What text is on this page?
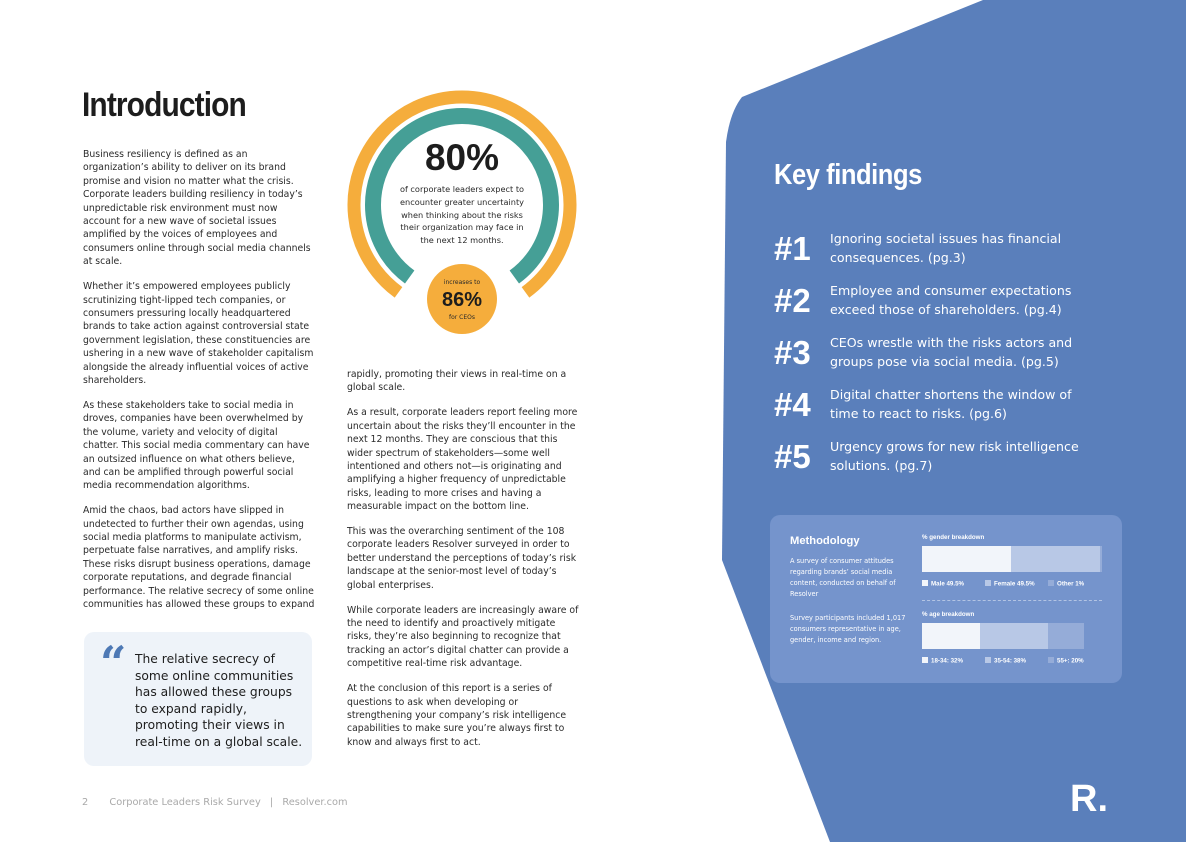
Introduction

Business resiliency is defined as an organization’s ability to deliver on its brand promise and vision no matter what the crisis. Corporate leaders building resiliency in today’s unpredictable risk environment must now account for a new wave of societal issues amplified by the voices of employees and consumers online through social media channels at scale.

Whether it’s empowered employees publicly scrutinizing tight-lipped tech companies, or consumers pressuring locally headquartered brands to take action against controversial state government legislation, these constituencies are ushering in a new wave of stakeholder capitalism alongside the already influential voices of active shareholders.

As these stakeholders take to social media in droves, companies have been overwhelmed by the volume, variety and velocity of digital chatter. This social media commentary can have an outsized influence on what others believe, and can be amplified through powerful social media recommendation algorithms.

Amid the chaos, bad actors have slipped in undetected to further their own agendas, using social media platforms to manipulate activism, perpetuate false narratives, and amplify risks. These risks disrupt business operations, damage corporate reputations, and degrade financial performance. The relative secrecy of some online communities has allowed these groups to expand

“ The relative secrecy of some online communities has allowed these groups to expand rapidly, promoting their views in real-time on a global scale.
80%
of corporate leaders expect to encounter greater uncertainty when thinking about the risks their organization may face in the next 12 months.
increases to
86%
for CEOs

rapidly, promoting their views in real-time on a global scale.

As a result, corporate leaders report feeling more uncertain about the risks they’ll encounter in the next 12 months. They are conscious that this wider spectrum of stakeholders—some well intentioned and others not—is originating and amplifying a higher frequency of unpredictable risks, leading to more crises and having a measurable impact on the bottom line.

This was the overarching sentiment of the 108 corporate leaders Resolver surveyed in order to better understand the perceptions of today’s risk landscape at the senior-most level of today’s global enterprises.

While corporate leaders are increasingly aware of the need to identify and proactively mitigate risks, they’re also beginning to recognize that tracking an actor’s digital chatter can provide a competitive real-time risk advantage.

At the conclusion of this report is a series of questions to ask when developing or strengthening your company’s risk intelligence capabilities to make sure you’re always first to know and always first to act.

Key findings
#1 Ignoring societal issues has financial consequences. (pg.3)
#2 Employee and consumer expectations exceed those of shareholders. (pg.4)
#3 CEOs wrestle with the risks actors and groups pose via social media. (pg.5)
#4 Digital chatter shortens the window of time to react to risks. (pg.6)
#5 Urgency grows for new risk intelligence solutions. (pg.7)
Methodology
A survey of consumer attitudes regarding brands’ social media content, conducted on behalf of Resolver
Survey participants included 1,017 consumers representative in age, gender, income and region.
% gender breakdown
Male 49.5%	Female 49.5%	Other 1%
% age breakdown
18-34: 32%	35-54: 38%	55+: 20%
2 Corporate Leaders Risk Survey | Resolver.com	R.
